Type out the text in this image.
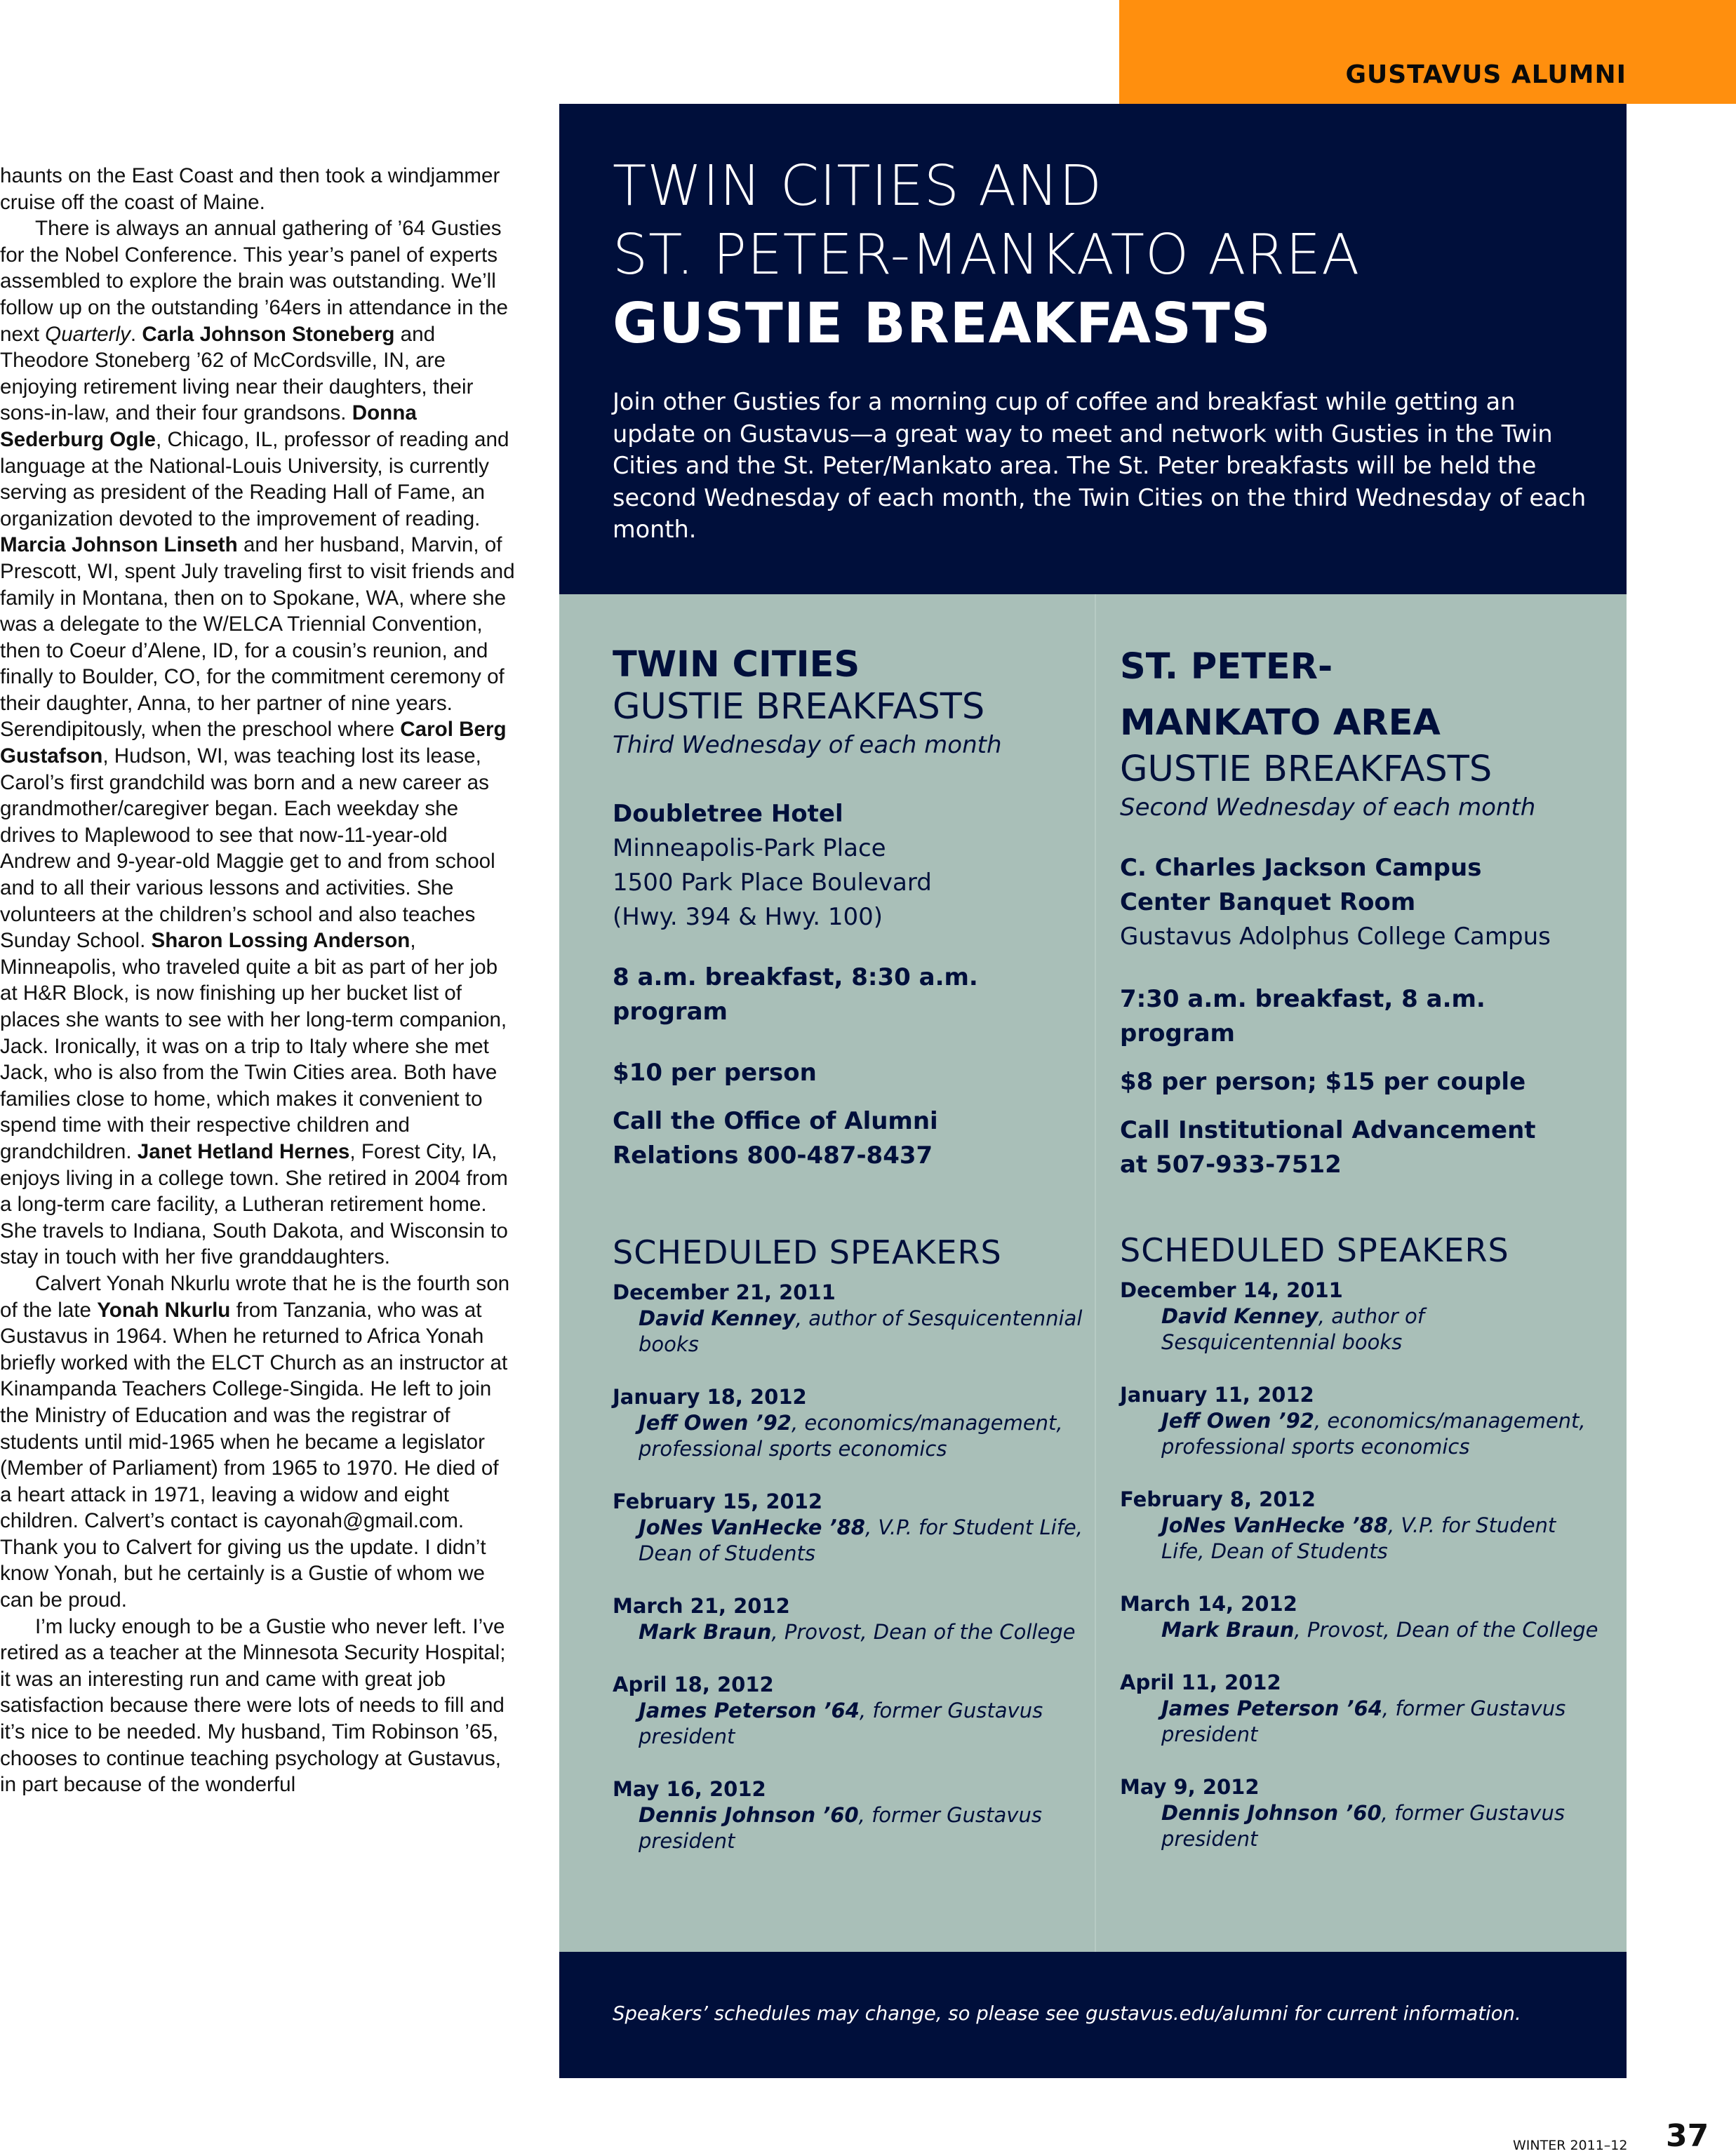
GUSTAVUS ALUMNI

haunts on the East Coast and then took a windjammer cruise off the coast of Maine.

There is always an annual gathering of ’64 Gusties for the Nobel Conference. This year’s panel of experts assembled to explore the brain was outstanding. We’ll follow up on the outstanding ’64ers in attendance in the next Quarterly. Carla Johnson Stoneberg and Theodore Stoneberg ’62 of McCordsville, IN, are enjoying retirement living near their daughters, their sons-in-law, and their four grandsons. Donna Sederburg Ogle, Chicago, IL, professor of reading and language at the National-Louis University, is currently serving as president of the Reading Hall of Fame, an organization devoted to the improvement of reading. Marcia Johnson Linseth and her husband, Marvin, of Prescott, WI, spent July traveling first to visit friends and family in Montana, then on to Spokane, WA, where she was a delegate to the W/ELCA Triennial Convention, then to Coeur d’Alene, ID, for a cousin’s reunion, and finally to Boulder, CO, for the commitment ceremony of their daughter, Anna, to her partner of nine years. Serendipitously, when the preschool where Carol Berg Gustafson, Hudson, WI, was teaching lost its lease, Carol’s first grandchild was born and a new career as grandmother/caregiver began. Each weekday she drives to Maplewood to see that now-11-year-old Andrew and 9-year-old Maggie get to and from school and to all their various lessons and activities. She volunteers at the children’s school and also teaches Sunday School. Sharon Lossing Anderson, Minneapolis, who traveled quite a bit as part of her job at H&R Block, is now finishing up her bucket list of places she wants to see with her long-term companion, Jack. Ironically, it was on a trip to Italy where she met Jack, who is also from the Twin Cities area. Both have families close to home, which makes it convenient to spend time with their respective children and grandchildren. Janet Hetland Hernes, Forest City, IA, enjoys living in a college town. She retired in 2004 from a long-term care facility, a Lutheran retirement home. She travels to Indiana, South Dakota, and Wisconsin to stay in touch with her five granddaughters.

Calvert Yonah Nkurlu wrote that he is the fourth son of the late Yonah Nkurlu from Tanzania, who was at Gustavus in 1964. When he returned to Africa Yonah briefly worked with the ELCT Church as an instructor at Kinampanda Teachers College-Singida. He left to join the Ministry of Education and was the registrar of students until mid-1965 when he became a legislator (Member of Parliament) from 1965 to 1970. He died of a heart attack in 1971, leaving a widow and eight children. Calvert’s contact is cayonah@gmail.com. Thank you to Calvert for giving us the update. I didn’t know Yonah, but he certainly is a Gustie of whom we can be proud.

I’m lucky enough to be a Gustie who never left. I’ve retired as a teacher at the Minnesota Security Hospital; it was an interesting run and came with great job satisfaction because there were lots of needs to fill and it’s nice to be needed. My husband, Tim Robinson ’65, chooses to continue teaching psychology at Gustavus, in part because of the wonderful

TWIN CITIES AND
ST. PETER-MANKATO AREA
GUSTIE BREAKFASTS

Join other Gusties for a morning cup of coffee and breakfast while getting an update on Gustavus—a great way to meet and network with Gusties in the Twin Cities and the St. Peter/Mankato area. The St. Peter breakfasts will be held the second Wednesday of each month, the Twin Cities on the third Wednesday of each month.

TWIN CITIES
GUSTIE BREAKFASTS

Third Wednesday of each month

Doubletree Hotel

Minneapolis-Park Place

1500 Park Place Boulevard

(Hwy. 394 & Hwy. 100)

8 a.m. breakfast, 8:30 a.m. program

$10 per person

Call the Office of Alumni

Relations 800-487-8437

SCHEDULED SPEAKERS
December 21, 2011
David Kenney, author of Sesquicentennial books
January 18, 2012
Jeff Owen ’92, economics/management, professional sports economics
February 15, 2012
JoNes VanHecke ’88, V.P. for Student Life, Dean of Students
March 21, 2012
Mark Braun, Provost, Dean of the College
April 18, 2012
James Peterson ’64, former Gustavus president
May 16, 2012
Dennis Johnson ’60, former Gustavus president
ST. PETER-
MANKATO AREA
GUSTIE BREAKFASTS

Second Wednesday of each month

C. Charles Jackson Campus

Center Banquet Room

Gustavus Adolphus College Campus

7:30 a.m. breakfast, 8 a.m. program

$8 per person; $15 per couple

Call Institutional Advancement

at 507-933-7512

SCHEDULED SPEAKERS
December 14, 2011
David Kenney, author of Sesquicentennial books
January 11, 2012
Jeff Owen ’92, economics/management, professional sports economics
February 8, 2012
JoNes VanHecke ’88, V.P. for Student Life, Dean of Students
March 14, 2012
Mark Braun, Provost, Dean of the College
April 11, 2012
James Peterson ’64, former Gustavus president
May 9, 2012
Dennis Johnson ’60, former Gustavus president

Speakers’ schedules may change, so please see gustavus.edu/alumni for current information.

WINTER 2011–12 37
